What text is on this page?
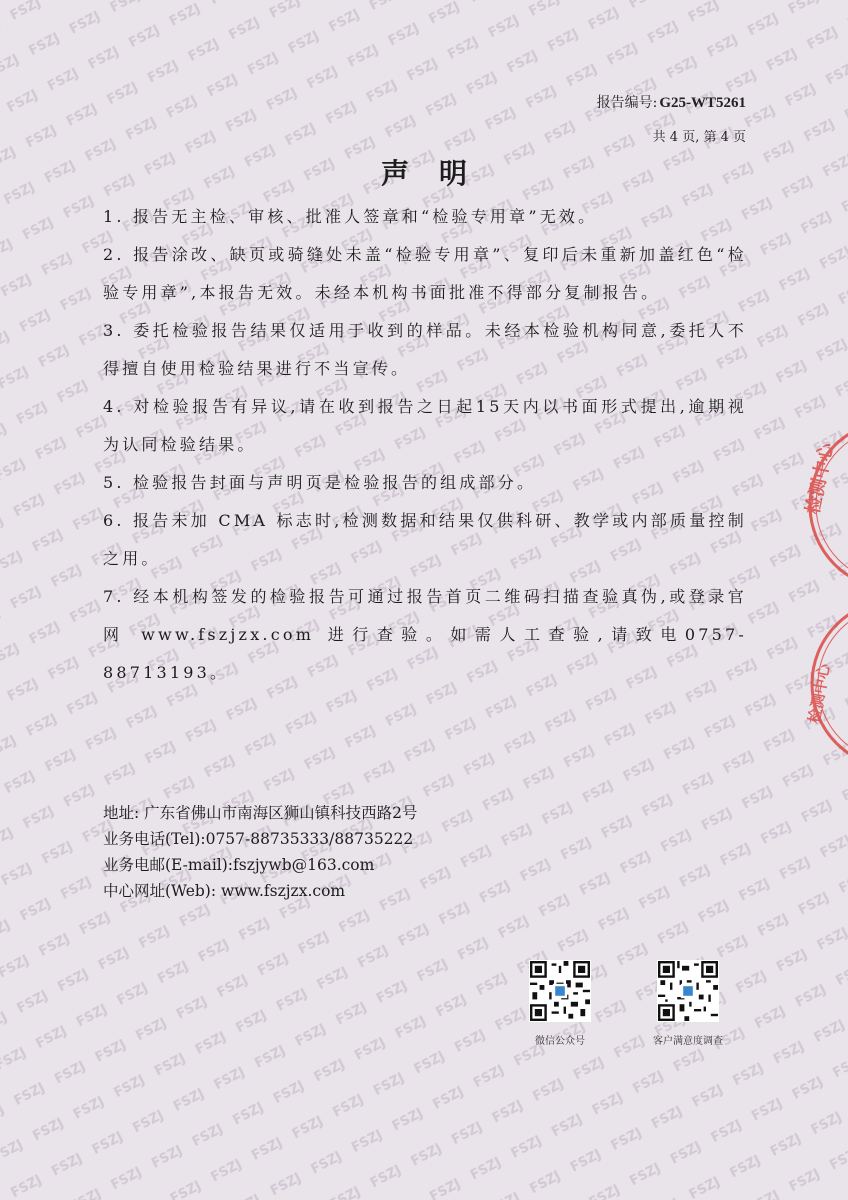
报告编号: G25-WT5261
共 4 页, 第 4 页
声明

1. 报告无主检、审核、批准人签章和“检验专用章”无效。

2. 报告涂改、缺页或骑缝处未盖“检验专用章”、复印后未重新加盖红色“检验专用章”,本报告无效。未经本机构书面批准不得部分复制报告。

3. 委托检验报告结果仅适用于收到的样品。未经本检验机构同意,委托人不得擅自使用检验结果进行不当宣传。

4. 对检验报告有异议,请在收到报告之日起15天内以书面形式提出,逾期视为认同检验结果。

5. 检验报告封面与声明页是检验报告的组成部分。

6. 报告未加 CMA 标志时,检测数据和结果仅供科研、教学或内部质量控制之用。

7. 经本机构签发的检验报告可通过报告首页二维码扫描查验真伪,或登录官网 www.fszjzx.com 进行查验。如需人工查验,请致电0757-88713193。

地址: 广东省佛山市南海区狮山镇科技西路2号
业务电话(Tel):0757-88735333/88735222
业务电邮(E-mail):fszjywb@163.com
中心网址(Web): www.fszjzx.com
微信公众号	客户满意度调查
检测中心
检测中心
